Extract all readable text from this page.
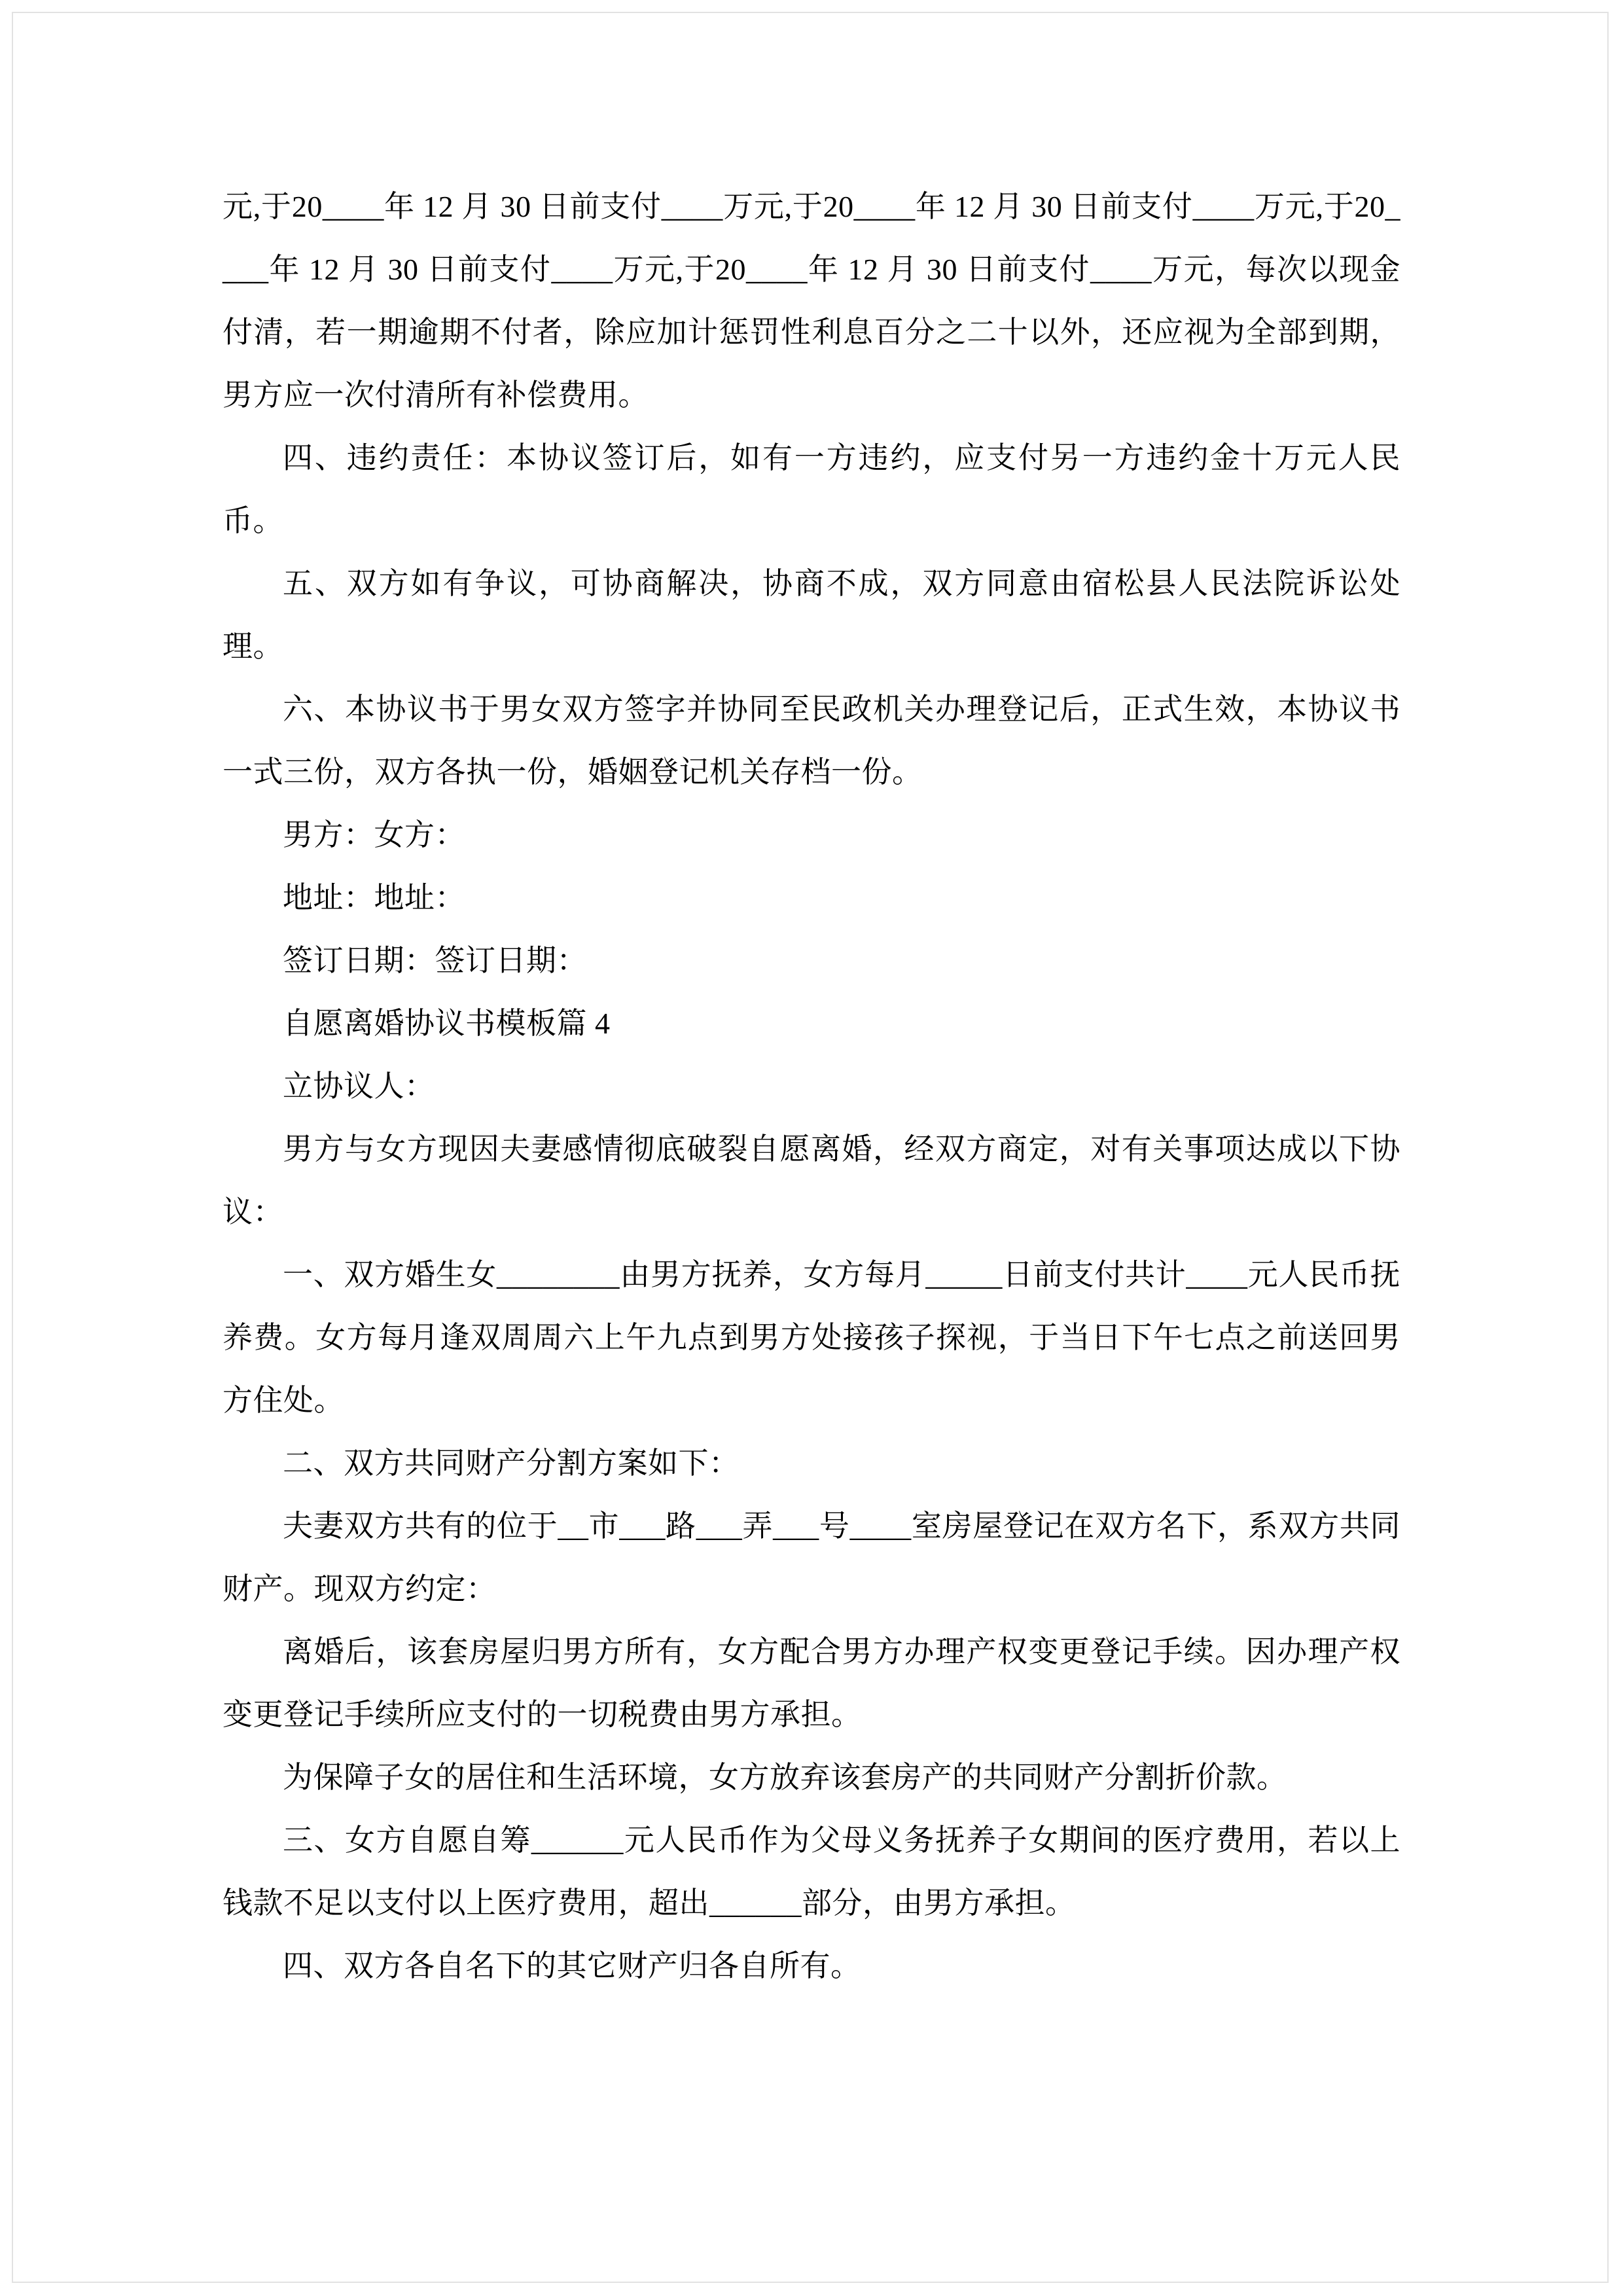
元,于20____年 12 月 30 日前支付____万元,于20____年 12 月 30 日前支付____万元,于20____年 12 月 30 日前支付____万元,于20____年 12 月 30 日前支付____万元，每次以现金付清，若一期逾期不付者，除应加计惩罚性利息百分之二十以外，还应视为全部到期，男方应一次付清所有补偿费用。

四、违约责任：本协议签订后，如有一方违约，应支付另一方违约金十万元人民币。

五、双方如有争议，可协商解决，协商不成，双方同意由宿松县人民法院诉讼处理。

六、本协议书于男女双方签字并协同至民政机关办理登记后，正式生效，本协议书一式三份，双方各执一份，婚姻登记机关存档一份。

男方：女方：

地址：地址：

签订日期：签订日期：

自愿离婚协议书模板篇 4

立协议人：

男方与女方现因夫妻感情彻底破裂自愿离婚，经双方商定，对有关事项达成以下协议：

一、双方婚生女________由男方抚养，女方每月_____日前支付共计____元人民币抚养费。女方每月逢双周周六上午九点到男方处接孩子探视，于当日下午七点之前送回男方住处。

二、双方共同财产分割方案如下：

夫妻双方共有的位于__市___路___弄___号____室房屋登记在双方名下，系双方共同财产。现双方约定：

离婚后，该套房屋归男方所有，女方配合男方办理产权变更登记手续。因办理产权变更登记手续所应支付的一切税费由男方承担。

为保障子女的居住和生活环境，女方放弃该套房产的共同财产分割折价款。

三、女方自愿自筹______元人民币作为父母义务抚养子女期间的医疗费用，若以上钱款不足以支付以上医疗费用，超出______部分，由男方承担。

四、双方各自名下的其它财产归各自所有。
